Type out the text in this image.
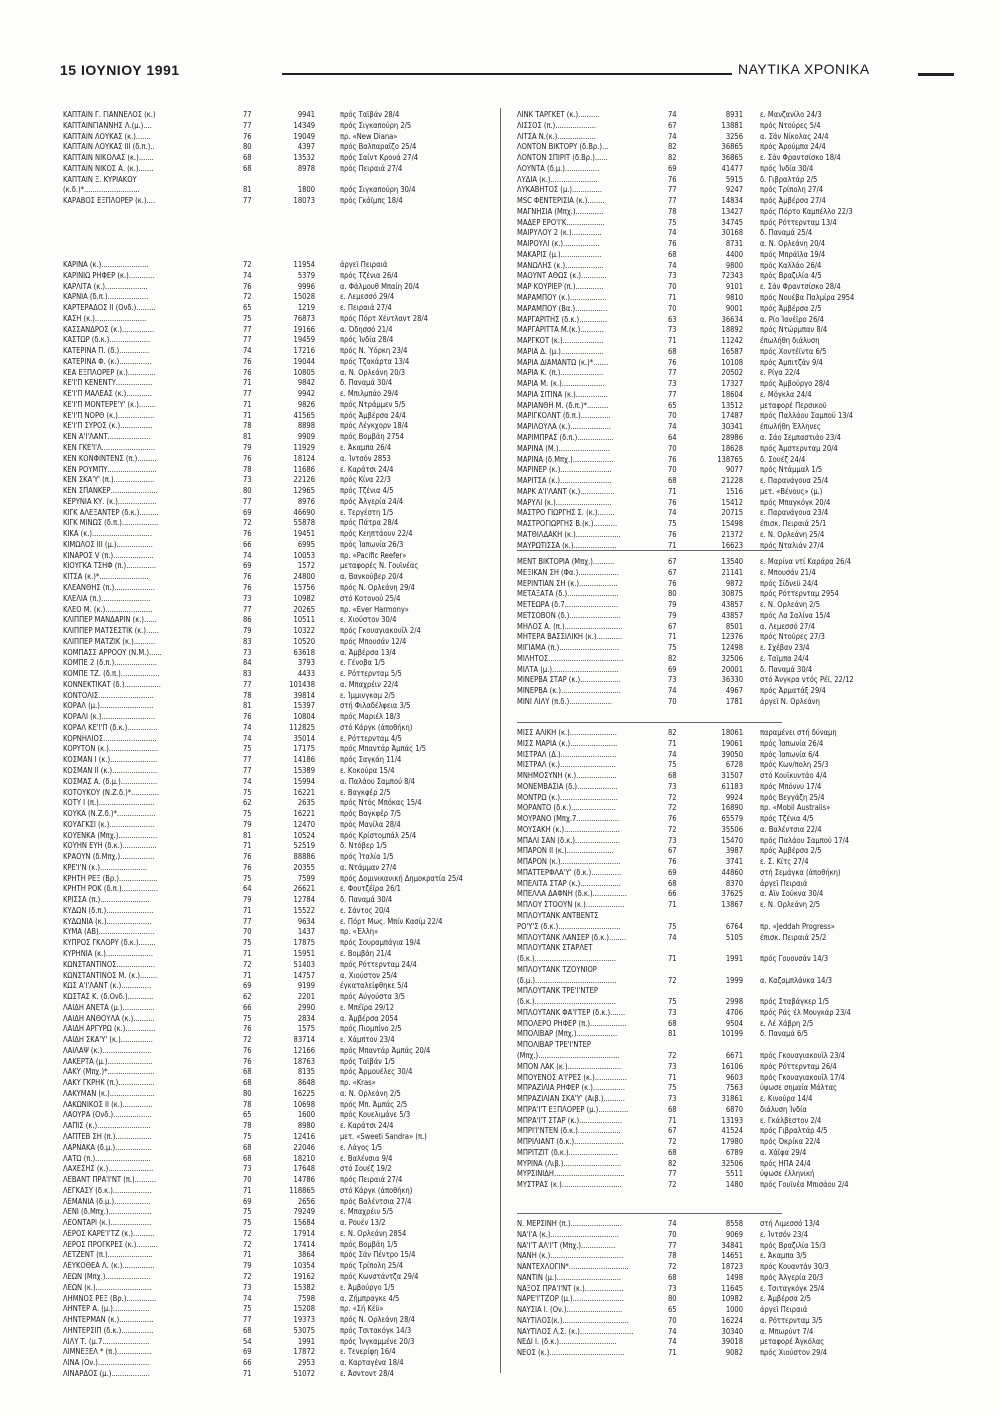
15 ΙΟΥΝΙΟΥ 1991	ΝΑΥΤΙΚΑ ΧΡΟΝΙΚΑ
ΚΑΠΤΑΙΝ Γ. ΓΙΑΝΝΕΛΟΣ (κ.)	77	9941	πρός Ταϊβάν 28/4
ΚΑΠΤΑΙΝΓΙΑΝΝΗΣ Λ.(μ.)....	77	14349	πρός Σιγκαπούρη 2/5
ΚΑΠΤΑΙΝ ΛΟΥΚΑΣ (κ.).......	76	19049	πρ. «New Diana»
ΚΑΠΤΑΙΝ ΛΟΥΚΑΣ ΙΙΙ (δ.π.)..	80	4397	πρός Βαλπαραΐζο 25/4
ΚΑΠΤΑΙΝ ΝΙΚΟΛΑΣ (κ.).......	68	13532	πρός Σαίντ Κρουά 27/4
ΚΑΠΤΑΙΝ ΝΙΚΟΣ Α. (κ.).......	68	8978	πρός Πειραιά 27/4
ΚΑΠΤΑΙΝ Ξ. ΚΥΡΙΑΚΟΥ
(κ.δ.)*..........................	81	1800	πρός Σιγκαπούρη 30/4
ΚΑΡΑΒΟΣ ΕΞΠΛΟΡΕΡ (κ.)....	77	18073	πρός Γκάϊμπς 18/4
ΚΑΡΙΝΑ (κ.)......................	72	11954	άργεϊ Πειραιά
ΚΑΡΙΝΙΩ ΡΗΦΕΡ (κ.)............	74	5379	πρός Τζένια 26/4
ΚΑΡΛΙΤΑ (κ.)....................	76	9996	α. Φάλμουθ Μπαίη 20/4
ΚΑΡΝΙΑ (δ.π.)...................	72	15028	ε. Λεμεσσό 29/4
ΚΑΡΤΕΡΑΔΟΣ ΙΙ (Ονδ.).........	65	1219	ε. Πειραιά 27/4
ΚΑΣΗ (κ.)........................	75	76873	πρός Πόρτ Χέντλαντ 28/4
ΚΑΣΣΑΝΔΡΟΣ (κ.)...............	77	19166	α. Όδησσό 21/4
ΚΑΣΤΩΡ (δ.κ.)...................	77	19459	πρός Ίνδία 28/4
ΚΑΤΕΡΙΝΑ Π. (δ.)..............	74	17216	πρός Ν. Ύόρκη 23/4
ΚΑΤΕΡΙΝΑ Φ. (κ.)...............	76	19044	πρός Τζακάρτα 13/4
ΚΕΑ ΕΞΠΛΟΡΕΡ (κ.).............	76	10805	α. Ν. Ορλεάνη 20/3
ΚΕ'Ι'Π ΚΕΝΕΝΤΥ.................	71	9842	δ. Παναμά 30/4
ΚΕ'Ι'Π ΜΑΛΕΑΣ (κ.)............	77	9942	ε. Μπιλμπάο 29/4
ΚΕ'Ι'Π ΜΟΝΤΕΡΕ'Υ' (κ.)........	71	9826	πρός Ντράμμεν 5/5
ΚΕ'Ι'Π ΝΟΡΘ (κ.).................	71	41565	πρός Άμβέρσα 24/4
ΚΕ'Ι'Π ΣΥΡΟΣ (κ.)...............	78	8898	πρός Λέγκχορν 18/4
ΚΕΝ Α'Ι'ΛΑΝΤ....................	81	9909	πρός Βομβάη 2754
ΚΕΝ ΓΚΕ'Ι'Λ.........................	79	11929	ε. Άκαμπα 26/4
ΚΕΝ ΚΟΝΦΙΝΤΕΝΣ (π.).........	76	18124	α. Ίντσόν 2853
ΚΕΝ ΡΟΥΜΠΥ.......................	78	11686	ε. Καράτσι 24/4
ΚΕΝ ΣΚΑ'Υ' (π.)...................	73	22126	πρός Κίνα 22/3
ΚΕΝ ΣΠΑΝΚΕΡ......................	80	12965	πρός Τζένια 4/5
ΚΕΡΥΝΙΑ ΚΥ. (κ.)..................	77	8976	πρός Άλγερία 24/4
ΚΙΓΚ ΑΛΕΞΑΝΤΕΡ (δ.κ.).........	69	46690	ε. Τεργέστη 1/5
ΚΙΓΚ ΜΙΝΩΣ (δ.π.).................	72	55878	πρός Πάτρα 28/4
ΚΙΚΑ (κ.)............................	76	19451	πρός Κεηπτάουν 22/4
ΚΙΜΩΛΟΣ ΙΙΙ (μ.).................	66	6995	πρός Ίαπωνία 26/3
ΚΙΝΑΡΟΣ V (π.)...................	74	10053	πρ. «Pacific Reefer»
ΚΙΟΥΓΚΑ ΤΣΗΦ (π.)..............	69	1572	μεταφορές Ν. Γουϊνέας
ΚΙΤΣΑ (κ.)*.......................	76	24800	α. Βανκούβερ 20/4
ΚΛΕΑΝΘΗΣ (π.)...................	76	15756	πρός Ν. Ορλεάνη 29/4
ΚΛΕΛΙΑ (π.).......................	73	10982	στό Κοτονού 25/4
ΚΛΕΟ Μ. (κ.)......................	77	20265	πρ. «Ever Harmony»
ΚΛΙΠΠΕΡ ΜΑΝΔΑΡΙΝ (κ.)......	86	10511	ε. Χιούστον 30/4
ΚΛΙΠΠΕΡ ΜΑΤΣΕΣΤΙΚ (κ.)......	79	10322	πρός Γκουαγιακουΐλ 2/4
ΚΛΙΠΠΕΡ ΜΑΤΖΙΚ (κ.)..........	83	10520	πρός Μπουσάν 12/4
ΚΟΜΠΑΣΣ ΑΡΡΟΟΥ (Ν.Μ.)......	73	63618	α. Άμβέρσα 13/4
ΚΟΜΠΕ 2 (δ.π.)....................	84	3793	ε. Γένοβα 1/5
ΚΟΜΠΕ ΤΖ. (δ.π.)..................	83	4433	ε. Ρόττερνταμ 5/5
ΚΟΝΝΕΚΤΙΚΑΤ (δ.).................	77	101438	α. Μπαχρέιν 22/4
ΚΟΝΤΟΛΙΣ..........................	78	39814	ε. Ίμμινγκαμ 2/5
ΚΟΡΑΛ (μ.).........................	81	15397	στή Φιλαδέλφεια 3/5
ΚΟΡΑΛΙ (κ.).........................	76	10804	πρός Μαριέλ 18/3
ΚΟΡΑΛ ΚΕ'Ι'Π (δ.κ.)..............	74	112825	στό Κάργκ (άποθήκη)
ΚΟΡΝΗΛΙΟΣ.........................	74	35014	ε. Ρόττερνταμ 4/5
ΚΟΡΥΤΟΝ (κ.).......................	75	17175	πρός Μπαντάρ Άμπάς 1/5
ΚΟΣΜΑΝ Ι (κ.)......................	77	14186	πρός Σαγκάη 11/4
ΚΟΣΜΑΝ ΙΙ (κ.).....................	77	15389	ε. Κοκούρα 15/4
ΚΟΣΜΑΣ Α. (δ.μ.).................	74	15994	α. Παλάου Σαμπού 8/4
ΚΟΤΟΥΚΟΥ (Ν.Ζ.δ.)*.............	75	16221	ε. Βαγκφέρ 2/5
ΚΟΤΥ Ι (π.)..........................	62	2635	πρός Ντός Μπόκας 15/4
ΚΟΥΚΑ (Ν.Ζ.δ.)*..................	75	16221	πρός Βαγκφέρ 7/5
ΚΟΥΑΓΚΣΙ (κ.).....................	79	12470	πρός Μανίλα 28/4
ΚΟΥΕΝΚΑ (Μπχ.)..................	81	10524	πρός Κρίστομπάλ 25/4
ΚΟΥΗΝ ΕΥΗ (δ.κ.)................	71	52519	δ. Ντόβερ 1/5
ΚΡΑΟΥΝ (δ.Μπχ.)................	76	88886	πρός Ίταλία 1/5
ΚΡΕ'Ι'Ν (κ.)......................	76	20355	α. Ντάμμαν 27/4
ΚΡΗΤΗ ΡΕΞ (Βρ.)..................	75	7599	πρός Δομινικανική Δημοκρατία 25/4
ΚΡΗΤΗ ΡΟΚ (δ.π.).................	64	26621	ε. Φουτζέϊρα 26/1
ΚΡΙΣΣΑ (π.).......................	79	12784	δ. Παναμά 30/4
ΚΥΔΩΝ (δ.π.)......................	71	15522	ε. Σάντος 20/4
ΚΥΔΩΝΙΑ (κ.).....................	77	9634	ε. Πόρτ Μως. Μπίν Κασίμ 22/4
ΚΥΜΑ (ΑΒ)..........................	70	1437	πρ. «Έλλη»
ΚΥΠΡΟΣ ΓΚΛΟΡΥ (δ.κ.)........	75	17875	πρός Σουραμπάγια 19/4
ΚΥΡΗΝΙΑ (κ.)......................	71	15951	ε. Βομβάη 21/4
ΚΩΝΣΤΑΝΤΙΝΟΣ..................	72	51403	πρός Ρόττερνταμ 24/4
ΚΩΝΣΤΑΝΤΙΝΟΣ Μ. (κ.)........	71	14757	α. Χιούστον 25/4
ΚΩΣ Α'Ι'ΛΑΝΤ (κ.)..............	69	9199	έγκαταλείφθηκε 5/4
ΚΩΣΤΑΣ Κ. (δ.Ονδ.)............	62	2201	πρός Αύγούστα 3/5
ΛΑΙΔΗ ΑΝΕΤΑ (μ.)...............	66	2990	ε. Μπέϊρα 29/12
ΛΑΙΔΗ ΑΝΘΟΥΛΑ (κ.)..........	75	2834	α. Άμβέρσα 2054
ΛΑΙΔΗ ΑΡΓΥΡΩ (κ.)..............	76	1575	πρός Πιομπίνο 2/5
ΛΑΙΔΗ ΣΚΑ'Υ' (κ.)...............	72	83714	ε. Χάμπτον 23/4
ΛΑΙΛΑΨ (κ.).......................	76	12166	πρός Μπαντάρ Άμπάς 20/4
ΛΑΚΕΡΤΑ (μ.).....................	76	18763	πρός Ταϊβάν 1/5
ΛΑΚΥ (Μπχ.)*......................	68	8135	πρός Άρμουέλες 30/4
ΛΑΚΥ ΓΚΡΗΚ (π.).................	68	8648	πρ. «Kras»
ΛΑΚΥΜΑΝ (κ.).....................	80	16225	α. Ν. Ορλεάνη 2/5
ΛΑΚΩΝΙΚΟΣ ΙΙ (κ.)..............	78	10698	πρός Μπ. Άμπάς 2/5
ΛΑΟΥΡΑ (Ονδ.)..................	65	1600	πρός Κουελιμάνε 5/3
ΛΑΠΙΣ (κ.).........................	78	8980	ε. Καράτσι 24/4
ΛΑΠΤΕΒ ΣΗ (π.).................	75	12416	μετ. «Sweeti Sandra» (π.)
ΛΑΡΝΑΚΑ (δ.μ.).................	68	22046	ε. Λάγος 1/5
ΛΑΤΩ (π.)..........................	68	18210	ε. Βαλένσια 9/4
ΛΑΧΕΣΗΣ (κ.).....................	73	17648	στό Σουέζ 19/2
ΛΕΒΑΝΤ ΠΡΑ'Ι'ΝΤ (π.)..........	70	14786	πρός Πειραιά 27/4
ΛΕΓΚΑΣΥ (δ.κ.)..................	71	118865	στό Κάργκ (άποθήκη)
ΛΕΜΑΝΙΑ (δ.μ.).................	69	2656	πρός Βαλέντσια 27/4
ΛΕΝΙ (δ.Μπχ.)....................	75	79249	ε. Μπαχρέιν 5/5
ΛΕΟΝΤΑΡΙ (κ.)...................	75	15684	α. Ρουέν 13/2
ΛΕΡΟΣ ΚΑΡΕ'Ι'ΤΖ (κ.)..........	72	17914	ε. Ν. Ορλεάνη 2854
ΛΕΡΟΣ ΠΡΟΓΚΡΕΣ (κ.)..........	72	17414	πρός Βομβάη 1/5
ΛΕΤΖΕΝΤ (π.).....................	71	3864	πρός Σάν Πέντρο 15/4
ΛΕΥΚΟΘΕΑ Λ. (κ.)...............	79	10354	πρός Τρίπολη 25/4
ΛΕΩΝ (Μπχ.).....................	72	19162	πρός Κωνστάντζα 29/4
ΛΕΩΝ (κ.)..........................	73	15382	ε. Άμβούργο 1/5
ΛΗΜΝΟΣ ΡΕΞ (Βρ.)..............	74	7598	α. Ζήμπραγκε 4/5
ΛΗΝΤΕΡ Α. (μ.).................	75	15208	πρ. «Σή Κέϋ»
ΛΗΝΤΕΡΜΑΝ (κ.)................	77	19373	πρός Ν. Ορλεάνη 28/4
ΛΗΝΤΕΡΣΙΠ (δ.κ.)...............	68	53075	πρός Τσιτακόγκ 14/3
ΛΙΛΥ Τ. (μ.7......................	54	1991	πρός Ίνγκαμμένε 20/3
ΛΙΜΝΕΞΕΛ * (π.)................	69	17872	ε. Τενερίφη 16/4
ΛΙΝΑ (Ον.)........................	66	2953	α. Καρταγένα 18/4
ΛΙΝΑΡΔΟΣ (μ.)..................	71	51072	ε. Άσντοντ 28/4
ΛΙΝΚ ΤΑΡΓΚΕΤ (κ.)..........	74	8931 ε. Μανζανίλο 24/3
ΛΙΣΣΟΣ (π.)...................	67	13881 πρός Ντούρες 5/4
ΛΙΤΣΑ Ν.(κ.)..................	74	3256 α. Σάν Νίκολας 24/4
ΛΟΝΤΟΝ ΒΙΚΤΟΡΥ (δ.Βρ.)...	82	36865 πρός Άρούμπα 24/4
ΛΟΝΤΟΝ ΣΠΙΡΙΤ (δ.Βρ.)......	82	36865 ε. Σάν Φραντσίσκο 18/4
ΛΟΥΝΤΑ (δ.μ.)................	69	41477 πρός Ίνδία 30/4
ΛΥΔΙΑ (κ.)......................	76	5915 δ. Γιβραλτάρ 2/5
ΛΥΚΑΒΗΤΟΣ (μ.)..............	77	9247 πρός Τρίπολη 27/4
MSC ΦΕΝΤΕΡΙΣΙΑ (κ.)........	77	14834 πρός Άμβέρσα 27/4
ΜΑΓΝΗΣΙΑ (Μπχ.).............	78	13427 πρός Πόρτο Καμπέλλο 22/3
ΜΑΔΕΡ ΕΡΟ'Ι'Κ..................	75	34745 πρός Ρόττερνταμ 13/4
ΜΑΙΡΥΛΟΥ 2 (κ.)..............	74	30168 δ. Παναμά 25/4
ΜΑΙΡΟΥΛΙ (κ.).................	76	8731 α. Ν. Ορλεάνη 20/4
ΜΑΚΑΡΙΣ (μ.)...................	68	4400 πρός Μπράϊλα 19/4
ΜΑΝΩΛΗΣ (κ.)..................	74	9800 πρός Καλλάο 26/4
ΜΑΟΥΝΤ ΑΘΩΣ (κ.)............	73	72343 πρός Βραζιλία 4/5
ΜΑΡ ΚΟΥΡΙΕΡ (π.).............	70	9101 ε. Σάν Φραντσίσκο 28/4
ΜΑΡΑΜΠΟΥ (κ.).................	71	9810 πρός Νουέβα Παλμίρα 2954
ΜΑΡΑΜΠΟΥ (Βα.)...............	70	9001 πρός Άμβέρσα 2/5
ΜΑΡΓΑΡΙΤΗΣ (δ.κ.).............	63	36634 α. Ρίο Ίανέϊρο 26/4
ΜΑΡΓΑΡΙΤΤΑ Μ.(κ.)...........	73	18892 πρός Ντώρμπαν 8/4
ΜΑΡΓΚΟΤ (κ.)...................	71	11242 έπωλήθη διάλυση
ΜΑΡΙΑ Δ. (μ.)....................	68	16587 πρός Χοντέϊντα 6/5
ΜΑΡΙΑ ΔΙΑΜΑΝΤΩ (κ.)*.......	76	10108 πρός Άμπιτζάν 9/4
ΜΑΡΙΑ Κ. (π.)....................	77	20502 ε. Ρίγα 22/4
ΜΑΡΙΑ Μ. (κ.)....................	73	17327 πρός Άμβούργο 28/4
ΜΑΡΙΑ ΣΙΤΙΝΑ (κ.)...............	77	18604 ε. Μόγκλα 24/4
ΜΑΡΙΑΝΘΗ Μ. (δ.π.)*..........	65	13512 μεταφορέ Περσικοῦ
ΜΑΡΙΓΚΟΛΝΤ (δ.π.)..............	70	17487 πρός Παλλάου Σαμπού 13/4
ΜΑΡΙΛΟΥΛΑ (κ.)...................	74	30341 έπωλήθη Έλληνες
ΜΑΡΙΜΠΡΑΣ (δ.π.).................	64	28986 α. Σάο Σεμπαστιάο 23/4
ΜΑΡΙΝΑ (Μ.)........................	70	18628 πρός Άμστερνταμ 20/4
ΜΑΡΙΝΑ (δ.Μπχ.)...................	76	138765 δ. Σουέζ 24/4
ΜΑΡΙΝΕΡ (κ.)........................	70	9077 πρός Ντάμμαλ 1/5
ΜΑΡΙΤΣΑ (κ.)........................	68	21228 ε. Παρανάγουα 25/4
ΜΑΡΚ Α'Ι'ΛΑΝΤ (κ.)................	71	1516 μετ. «Βένους» (μ.)
ΜΑΡΥΛΙ (κ.)..........................	76	15412 πρός Μπαγκόγκ 20/4
ΜΑΣΤΡΟ ΓΙΩΡΓΗΣ Σ. (κ.)........	74	20715 ε. Παρανάγουα 23/4
ΜΑΣΤΡΟΓΙΩΡΓΗΣ Β.(κ.)...........	75	15498 έπισκ. Πειραιά 25/1
ΜΑΤΘΙΛΔΑΚΗ (κ.).....................	76	21372 ε. Ν. Ορλεάνη 25/4
ΜΑΥΡΩΤΙΣΣΑ (κ.)....................	71	16623 πρός Νταλιάν 27/4
ΜΕΝΤ ΒΙΚΤΟΡΙΑ (Μπχ.)..........	67	13540 ε. Μαρίνα ντί Καράρα 26/4
ΜΕΞΙΚΑΝ ΣΗ (Φα.)...................	67	21141 ε. Μπουσάν 21/4
ΜΕΡΙΝΤΙΑΝ ΣΗ (κ.)..................	76	9872 πρός Σίδνεϋ 24/4
ΜΕΤΑΞΑΤΑ (δ.)........................	80	30875 πρός Ρόττερνταμ 2954
ΜΕΤΕΩΡΑ (δ.7.........................	79	43857 ε. Ν. Ορλεάνη 2/5
ΜΕΤΣΟΒΟΝ (δ.)........................	79	43857 πρός Λα Σαλίνα 15/4
ΜΗΛΟΣ Α. (π.)...........................	67	8501 α. Λεμεσσό 27/4
ΜΗΤΕΡΑ ΒΑΣΣΙΛΙΚΗ (κ.)............	71	12376 πρός Ντούρες 27/3
ΜΙΓΙΑΜΑ (π.)............................	75	12498 ε. Σχέβαν 23/4
ΜΙΛΗΤΟΣ...................................	82	32506 ε. Ταϊμπα 24/4
ΜΙΛΤΑ (μ.)...............................	69	20001 δ. Παναμά 30/4
ΜΙΝΕΡΒΑ ΣΤΑΡ (κ.)...................	73	36330 στό Άνγκρα ντός Ρέϊ, 22/12
ΜΙΝΕΡΒΑ (κ.)............................	74	4967 πρός Άρματάξ 29/4
ΜΙΝΙ ΛΙΛΥ (π.δ.)....................	70	1781 άργεϊ Ν. Ορλεάνη
ΜΙΣΣ ΑΛΙΚΗ (κ.)......................	82	18061 παραμένει στή δύναμη
ΜΙΣΣ ΜΑΡΙΑ (κ.)......................	71	19061 πρός Ίαπωνία 26/4
ΜΙΣΤΡΑΛ (Δ.)..........................	74	39050 πρός Ίαπωνία 6/4
ΜΙΣΤΡΑΛ (κ.)..........................	75	6728 πρός Κων/πολη 25/3
ΜΝΗΜΟΣΥΝΗ (κ.)...................	68	31507 στό Κουϊκυντάο 4/4
ΜΟΝΕΜΒΑΣΙΑ (δ.)...................	73	61183 πρός Μπόννυ 17/4
ΜΟΝΤΡΩ (κ.)...........................	72	9924 πρός Βεγγάζη 25/4
ΜΟΡΑΝΤΟ (δ.κ.).....................	72	16890 πρ. «Mobil Australis»
ΜΟΥΡΑΝΟ (Μπχ.7....................	76	65579 πρός Τζένια 4/5
ΜΟΥΣΑΚΗ (κ.)..........................	72	35506 α. Βαλέντσια 22/4
ΜΠΑΛΙ ΣΑΝ (δ.κ.).....................	73	15470 πρός Παλάου Σαμπού 17/4
ΜΠΑΡΟΝ ΙΙ (κ.)......................	67	3987 πρός Άμβέρσα 2/5
ΜΠΑΡΟΝ (κ.)............................	76	3741 ε. Σ. Κίτς 27/4
ΜΠΑΤΤΕΡΦΛΑ'Υ' (δ.κ.)..............	69	44860 στή Σεμάγκα (άποθήκη)
ΜΠΕΛΙΤΑ ΣΤΑΡ (κ.)...................	68	8370 άργεϊ Πειραιά
ΜΠΕΛΛΑ ΔΑΦΝΗ (δ.κ.)................	66	37625 α. Αϊν Σούκνα 30/4
ΜΠΛΟΥ ΣΤΟΟΥΝ (κ.)..................	71	13867 ε. Ν. Ορλεάνη 2/5
ΜΠΛΟΥΤΑΝΚ ΑΝΤΒΕΝΤΣ
ΡΟ'Υ'Σ (δ.κ.).............................	75	6764 πρ. «Jeddah Progress»
ΜΠΛΟΥΤΑΝΚ ΛΑΝΣΕΡ (δ.κ.)........	74	5105 έπισκ. Πειραιά 25/2
ΜΠΛΟΥΤΑΝΚ ΣΤΑΡΛΕΤ
(δ.κ.)......................................	71	1991 πρός Γουονσάν 14/3
ΜΠΛΟΥΤΑΝΚ ΤΖΟΥΝΙΟΡ
(δ.μ.)......................................	72	1999 α. Καζαμπλάνκα 14/3
ΜΠΛΟΥΤΑΝΚ ΤΡΕ'Ι'ΝΤΕΡ
(δ.κ.)......................................	75	2998 πρός Σταβάγκερ 1/5
ΜΠΛΟΥΤΑΝΚ ΦΑ'Ι'ΤΕΡ (δ.κ.).......	73	4706 πρός Ράς έλ Μουγκάρ 23/4
ΜΠΟΛΕΡΟ ΡΗΦΕΡ (π.).................	68	9504 ε. Λέ Χάβρη 2/5
ΜΠΟΛΙΒΑΡ (Μπχ.)...................	81	10199 δ. Παναμά 6/5
ΜΠΟΛΙΒΑΡ ΤΡΕ'Ι'ΝΤΕΡ
(Μπχ.)......................................	72	6671 πρός Γκουαγιακουΐλ 23/4
ΜΠΟΝ ΛΑΚ (κ.).........................	73	16106 πρός Ρόττερνταμ 26/4
ΜΠΟΥΕΝΟΣ Α'Ι'ΡΕΣ (κ.)...............	71	9603 πρός Γκουαγιακουΐλ 17/4
ΜΠΡΑΖΙΛΙΑ ΡΗΦΕΡ (κ.)...............	75	7563 ύψωσε σημαία Μάλτας
ΜΠΡΑΖΙΛΙΑΝ ΣΚΑ'Υ' (Αιβ.)..........	73	31861 ε. Κινούρα 14/4
ΜΠΡΑ'Ι'Τ ΕΞΠΛΟΡΕΡ (μ.)..............	68	6870 διάλυση Ίνδία
ΜΠΡΑ'Ι'Τ ΣΤΑΡ (κ.)....................	71	13193 ε. Γκάλβεστον 2/4
ΜΠΡΙ'Ι'ΝΤΕΝ (δ.κ.)....................	67	41524 πρός Γιβραλτάρ 4/5
ΜΠΡΙΛΙΑΝΤ (δ.κ.).......................	72	17980 πρός Όκρίκα 22/4
ΜΠΡΙΤΖΙΤ (δ.κ.).......................	68	6789 α. Χάϊφα 29/4
ΜΥΡΙΝΑ (Λιβ.)...........................	82	32506 πρός ΗΠΑ 24/4
ΜΥΡΣΙΝΙΔΗ.................................	77	5511 ύψωσε έλληνική
ΜΥΣΤΡΑΣ (κ.)............................	72	1480 πρός Γουϊνέα Μπισάου 2/4
Ν. ΜΕΡΣΙΝΗ (π.)........................	74	8558 στή Λιμεσσό 13/4
ΝΑ'Ι'Α (κ.)................................	70	9069 ε. Ίντσόν 23/4
ΝΑ'Ι'Τ ΑΛ'Ι'Τ (Μπχ.)................	77	34841 πρός Βραζιλία 15/3
ΝΑΝΗ (κ.)..................................	78	14651 ε. Άκαμπα 3/5
ΝΑΝΤΕΧΛΟΓΙΝ*............................	72	18723 πρός Κουαντάν 30/3
ΝΑΝΤΙΝ (μ.)..............................	68	1498 πρός Άλγερία 20/3
ΝΑΞΟΣ ΠΡΑ'Ι'ΝΤ (κ.)..................	73	11645 ε. Τσιταγκόγκ 25/4
ΝΑΡΕ'Ι'ΤΖΟΡ (μ.)........................	80	10982 ε. Άμβέρσα 2/5
ΝΑΥΣΙΑ Ι. (Ον.)..........................	65	1000 άργεϊ Πειραιά
ΝΑΥΤΙΛΟΣ(κ.)...............................	70	16224 α. Ρόττερνταμ 3/5
ΝΑΥΤΙΛΟΣ Λ.Σ. (κ.).........................	74	30340 α. Μπωρύντ 7/4
ΝΕΔΙ Ι. (δ.κ.)...........................	74	39018 μεταφορέ Άγκόλας
ΝΕΟΣ (κ.)...................................	71	9082 πρός Χιούστον 29/4
